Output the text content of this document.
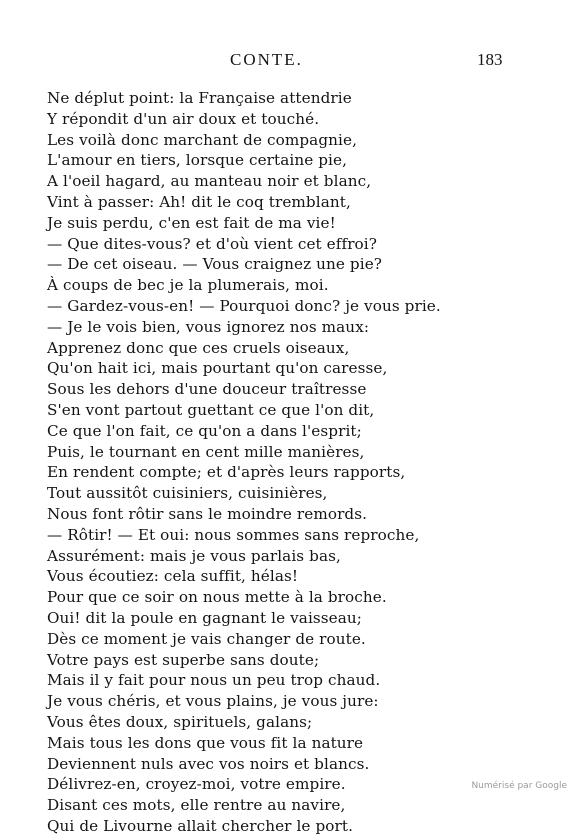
CONTE.	183
Ne déplut point: la Française attendrie
Y répondit d'un air doux et touché.
Les voilà donc marchant de compagnie,
L'amour en tiers, lorsque certaine pie,
A l'oeil hagard, au manteau noir et blanc,
Vint à passer: Ah! dit le coq tremblant,
Je suis perdu, c'en est fait de ma vie!
— Que dites-vous? et d'où vient cet effroi?
— De cet oiseau. — Vous craignez une pie?
À coups de bec je la plumerais, moi.
— Gardez-vous-en! — Pourquoi donc? je vous prie.
— Je le vois bien, vous ignorez nos maux:
Apprenez donc que ces cruels oiseaux,
Qu'on hait ici, mais pourtant qu'on caresse,
Sous les dehors d'une douceur traîtresse
S'en vont partout guettant ce que l'on dit,
Ce que l'on fait, ce qu'on a dans l'esprit;
Puis, le tournant en cent mille manières,
En rendent compte; et d'après leurs rapports,
Tout aussitôt cuisiniers, cuisinières,
Nous font rôtir sans le moindre remords.
— Rôtir! — Et oui: nous sommes sans reproche,
Assurément: mais je vous parlais bas,
Vous écoutiez: cela suffit, hélas!
Pour que ce soir on nous mette à la broche.
Oui! dit la poule en gagnant le vaisseau;
Dès ce moment je vais changer de route.
Votre pays est superbe sans doute;
Mais il y fait pour nous un peu trop chaud.
Je vous chéris, et vous plains, je vous jure:
Vous êtes doux, spirituels, galans;
Mais tous les dons que vous fit la nature
Deviennent nuls avec vos noirs et blancs.
Délivrez-en, croyez-moi, votre empire.
Disant ces mots, elle rentre au navire,
Qui de Livourne allait chercher le port.
Numérisé par Google
